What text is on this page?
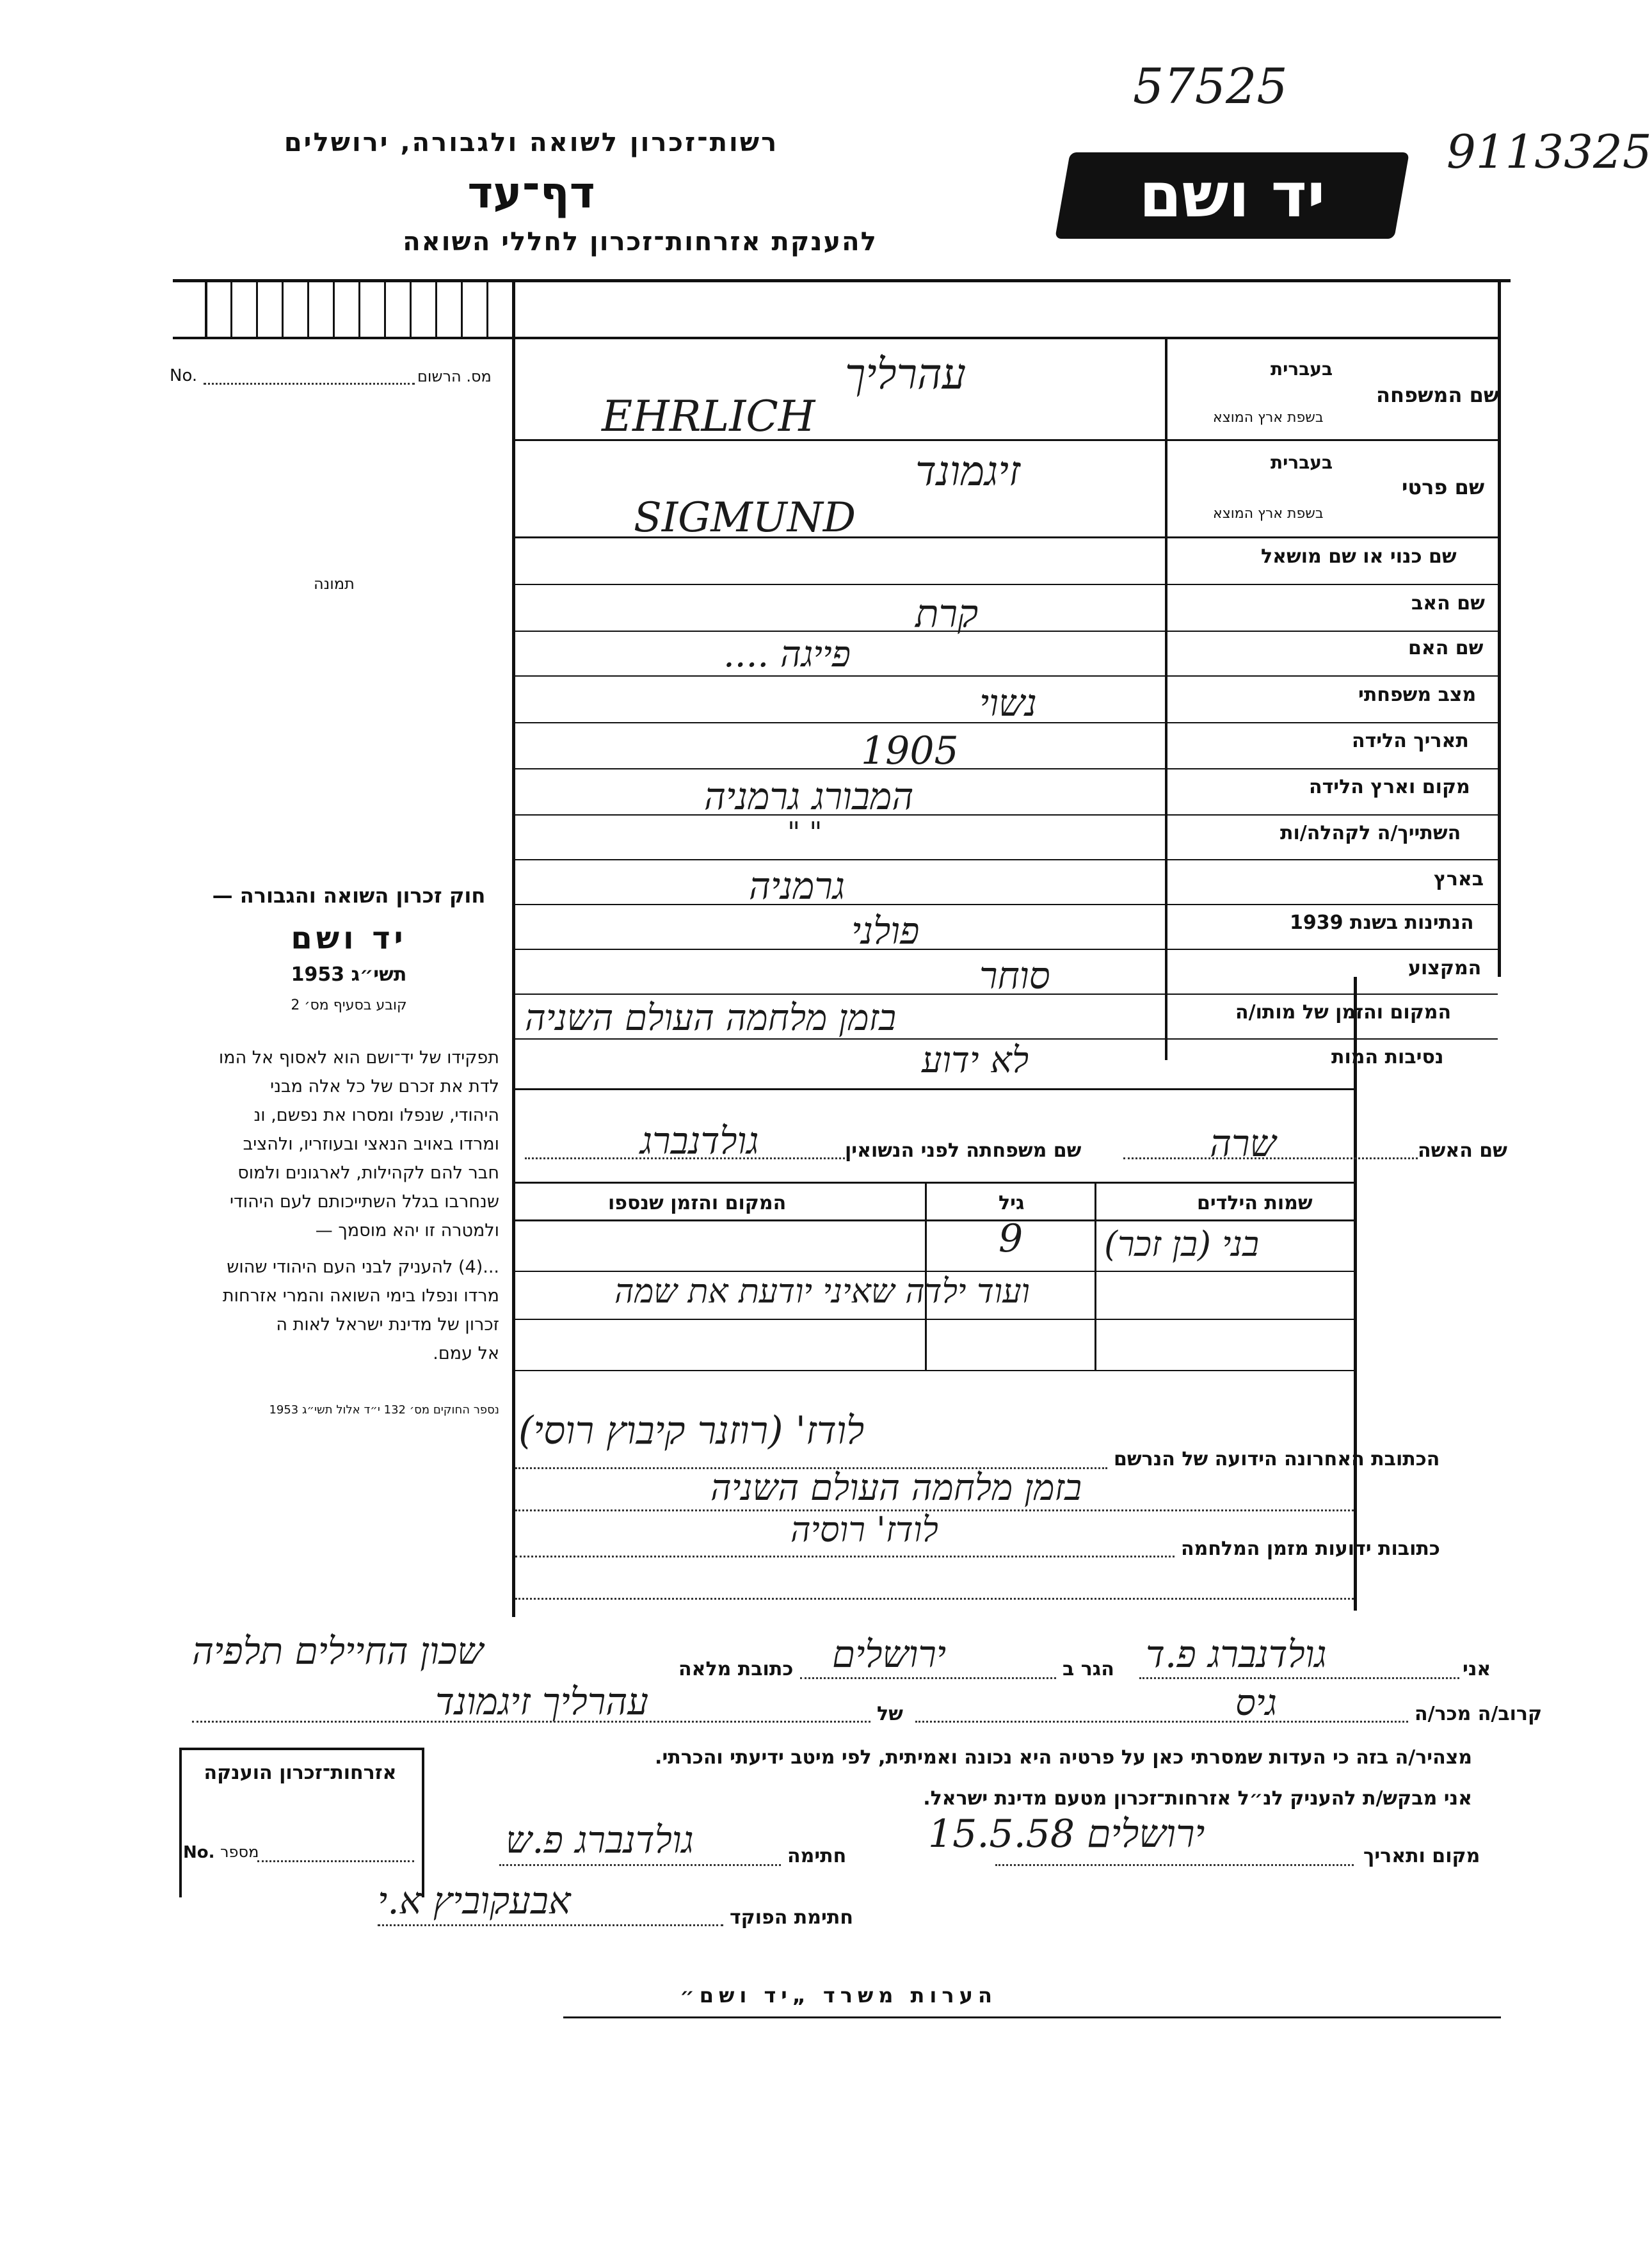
57525
9113325
רשות־זכרון לשואה ולגבורה, ירושלים
דף־עד
להענקת אזרחות־זכרון לחללי השואה
יד ושם
No.	מס. הרשום
תמונה
שם המשפחה
בעברית
בשפת ארץ המוצא
עהרליך
EHRLICH
שם פרטי
בעברית
בשפת ארץ המוצא
זיגמונד
SIGMUND
שם כנוי או שם מושאל
שם האב
קרת
שם האם
פייגה ....
מצב משפחתי
נשוי
תאריך הלידה
1905
מקום וארץ הלידה
המבורג גרמניה
השתייך/ה לקהלה/ות
" "
בארץ
גרמניה
הנתינות בשנת 1939
פולני
המקצוע
סוחר
המקום והזמן של מותו/ה
בזמן מלחמה העולם השניה
נסיבות המות
לא ידוע
שם האשה
שרה
שם משפחתה לפני הנשואין
גולדנברג
שמות הילדים
גיל
המקום והזמן שנספו
בני (בן זכר)
9
ועוד ילדה שאיני יודעת את שמה
לודז' (רוזנר קיבוץ רוסי)
הכתובת האחרונה הידועה של הנרשם
בזמן מלחמה העולם השניה
לודז' רוסיה	כתובות ידועות מזמן המלחמה
אני
גולדנברג פ.ד
הגר ב
ירושלים
כתובת מלאה
שכון החיילים תלפיה
קרוב/ה מכר/ה
גיס
של
עהרליך זיגמונד
מצהיר/ה בזה כי העדות שמסרתי כאן על פרטיה היא נכונה ואמיתית, לפי מיטב ידיעתי והכרתי.
אני מבקש/ת להעניק לנ״ל אזרחות־זכרון מטעם מדינת ישראל.
מקום ותאריך
ירושלים 15.5.58
חתימה
גולדנברג פ.ש
חתימת הפוקד
אבעקוביץ א.י
אזרחות־זכרון הוענקה
No. מספר
חוק זכרון השואה והגבורה —
יד ושם
תשי״ג 1953
קובע בסעיף מס׳ 2
תפקידו של יד־ושם הוא לאסוף אל המו
לדת את זכרם של כל אלה מבני
היהודי, שנפלו ומסרו את נפשם, ונ
ומרדו באויב הנאצי ובעוזריו, ולהציב
חבר להם לקהילות, לארגונים ולמוס
שנחרבו בגלל השתייכותם לעם היהודי
ולמטרה זו יהא מוסמך —
...(4) להעניק לבני העם היהודי שהוש
מרדו ונפלו בימי השואה והמרי אזרחות
זכרון של מדינת ישראל לאות ה
אל עמם.
נספר החוקים מס׳ 132 י״ד אלול תשי״ג 1953
הערות משרד „יד ושם״
